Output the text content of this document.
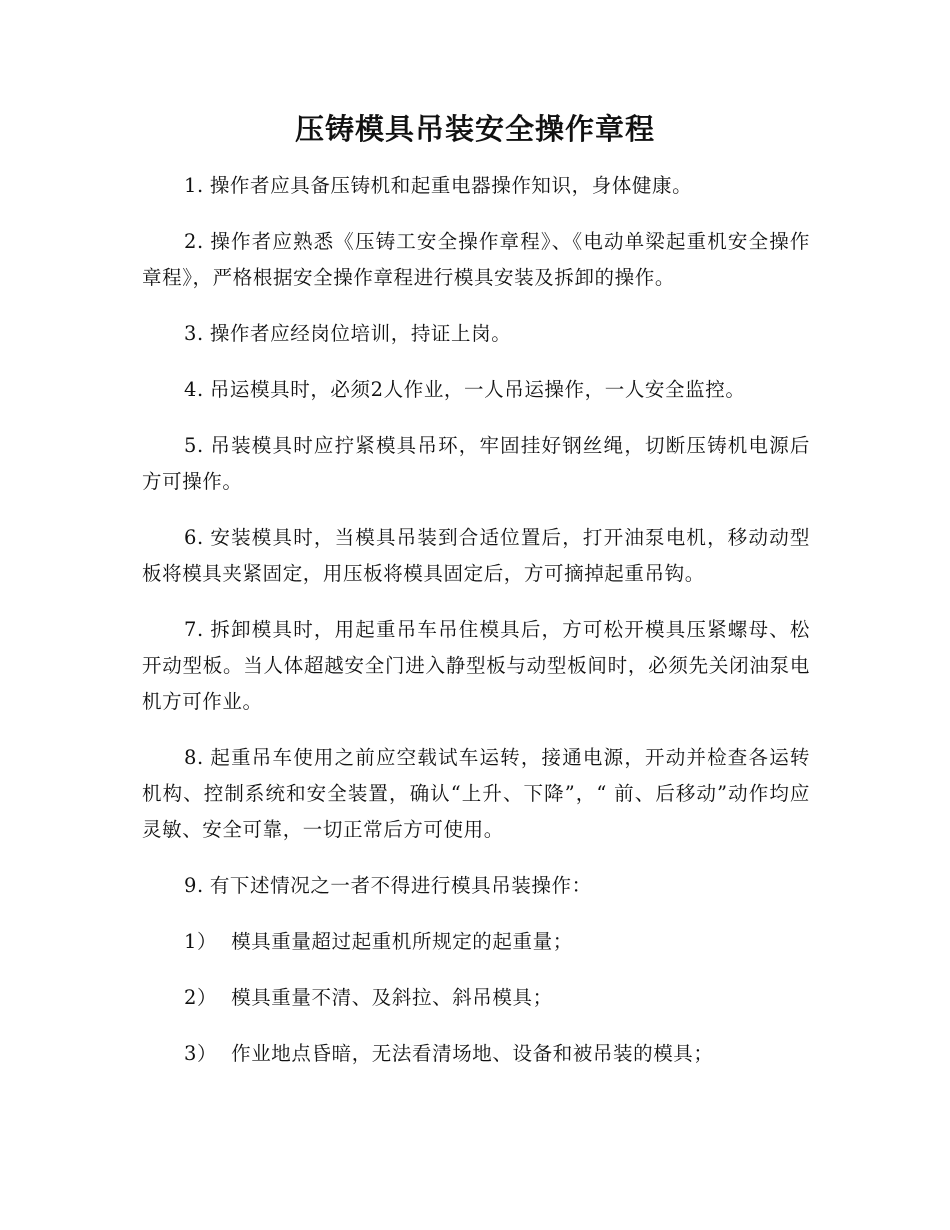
压铸模具吊装安全操作章程

1. 操作者应具备压铸机和起重电器操作知识，身体健康。

2. 操作者应熟悉《压铸工安全操作章程》、《电动单梁起重机安全操作章程》，严格根据安全操作章程进行模具安装及拆卸的操作。

3. 操作者应经岗位培训，持证上岗。

4. 吊运模具时，必须2人作业，一人吊运操作，一人安全监控。

5. 吊装模具时应拧紧模具吊环，牢固挂好钢丝绳，切断压铸机电源后方可操作。

6. 安装模具时，当模具吊装到合适位置后，打开油泵电机，移动动型板将模具夹紧固定，用压板将模具固定后，方可摘掉起重吊钩。

7. 拆卸模具时，用起重吊车吊住模具后，方可松开模具压紧螺母、松开动型板。当人体超越安全门进入静型板与动型板间时，必须先关闭油泵电机方可作业。

8. 起重吊车使用之前应空载试车运转，接通电源，开动并检查各运转机构、控制系统和安全装置，确认“上升、下降”，“ 前、后移动”动作均应灵敏、安全可靠，一切正常后方可使用。

9. 有下述情况之一者不得进行模具吊装操作：

1） 模具重量超过起重机所规定的起重量；

2） 模具重量不清、及斜拉、斜吊模具；

3） 作业地点昏暗，无法看清场地、设备和被吊装的模具；
